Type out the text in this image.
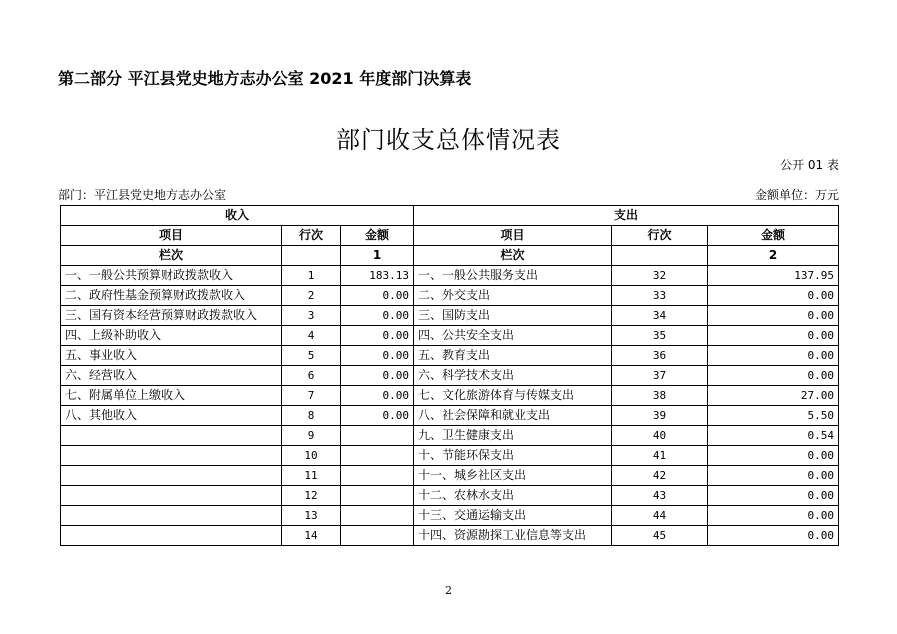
第二部分 平江县党史地方志办公室 2021 年度部门决算表
部门收支总体情况表
公开 01 表
部门：平江县党史地方志办公室	金额单位：万元
收入			支出		
项目	行次	金额	项目	行次	金额
栏次		1	栏次		2
一、一般公共预算财政拨款收入	1	183.13	一、一般公共服务支出	32	137.95
二、政府性基金预算财政拨款收入	2	0.00	二、外交支出	33	0.00
三、国有资本经营预算财政拨款收入	3	0.00	三、国防支出	34	0.00
四、上级补助收入	4	0.00	四、公共安全支出	35	0.00
五、事业收入	5	0.00	五、教育支出	36	0.00
六、经营收入	6	0.00	六、科学技术支出	37	0.00
七、附属单位上缴收入	7	0.00	七、文化旅游体育与传媒支出	38	27.00
八、其他收入	8	0.00	八、社会保障和就业支出	39	5.50
	9		九、卫生健康支出	40	0.54
	10		十、节能环保支出	41	0.00
	11		十一、城乡社区支出	42	0.00
	12		十二、农林水支出	43	0.00
	13		十三、交通运输支出	44	0.00
	14		十四、资源勘探工业信息等支出	45	0.00
2
